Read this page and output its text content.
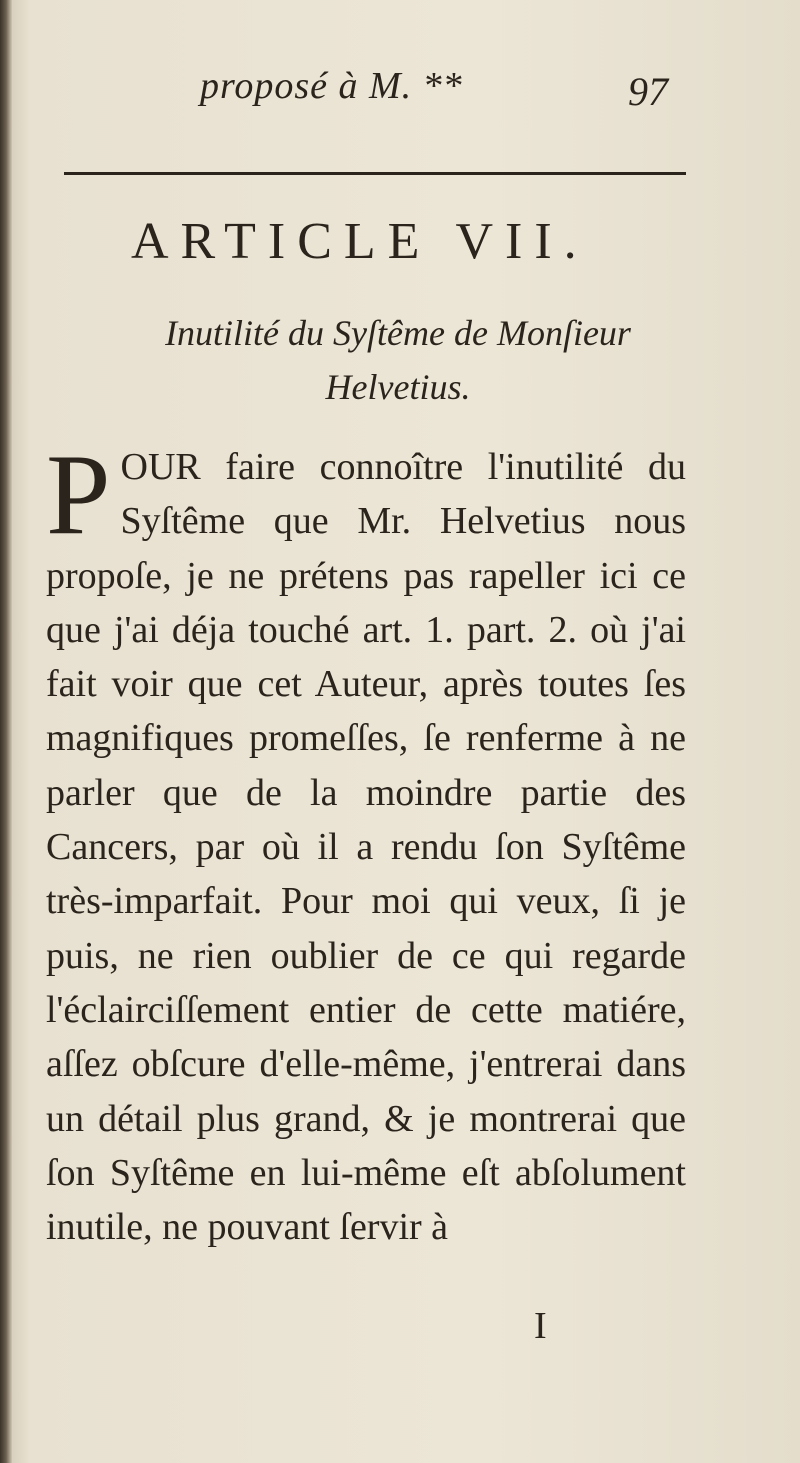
proposé à M. **	97
ARTICLE VII.
Inutilité du Syſtême de Monſieur
Helvetius.
P OUR faire connoître l'inutilité du Syſtême que Mr. Helvetius nous propoſe, je ne prétens pas rapeller ici ce que j'ai déja touché art. 1. part. 2. où j'ai fait voir que cet Auteur, après toutes ſes magnifiques promeſſes, ſe renferme à ne parler que de la moindre partie des Cancers, par où il a rendu ſon Syſtême très-imparfait. Pour moi qui veux, ſi je puis, ne rien oublier de ce qui regarde l'éclairciſſement entier de cette matiére, aſſez obſcure d'elle-même, j'entrerai dans un détail plus grand, & je montrerai que ſon Syſtême en lui-même eſt abſolument inutile, ne pouvant ſervir à
I
